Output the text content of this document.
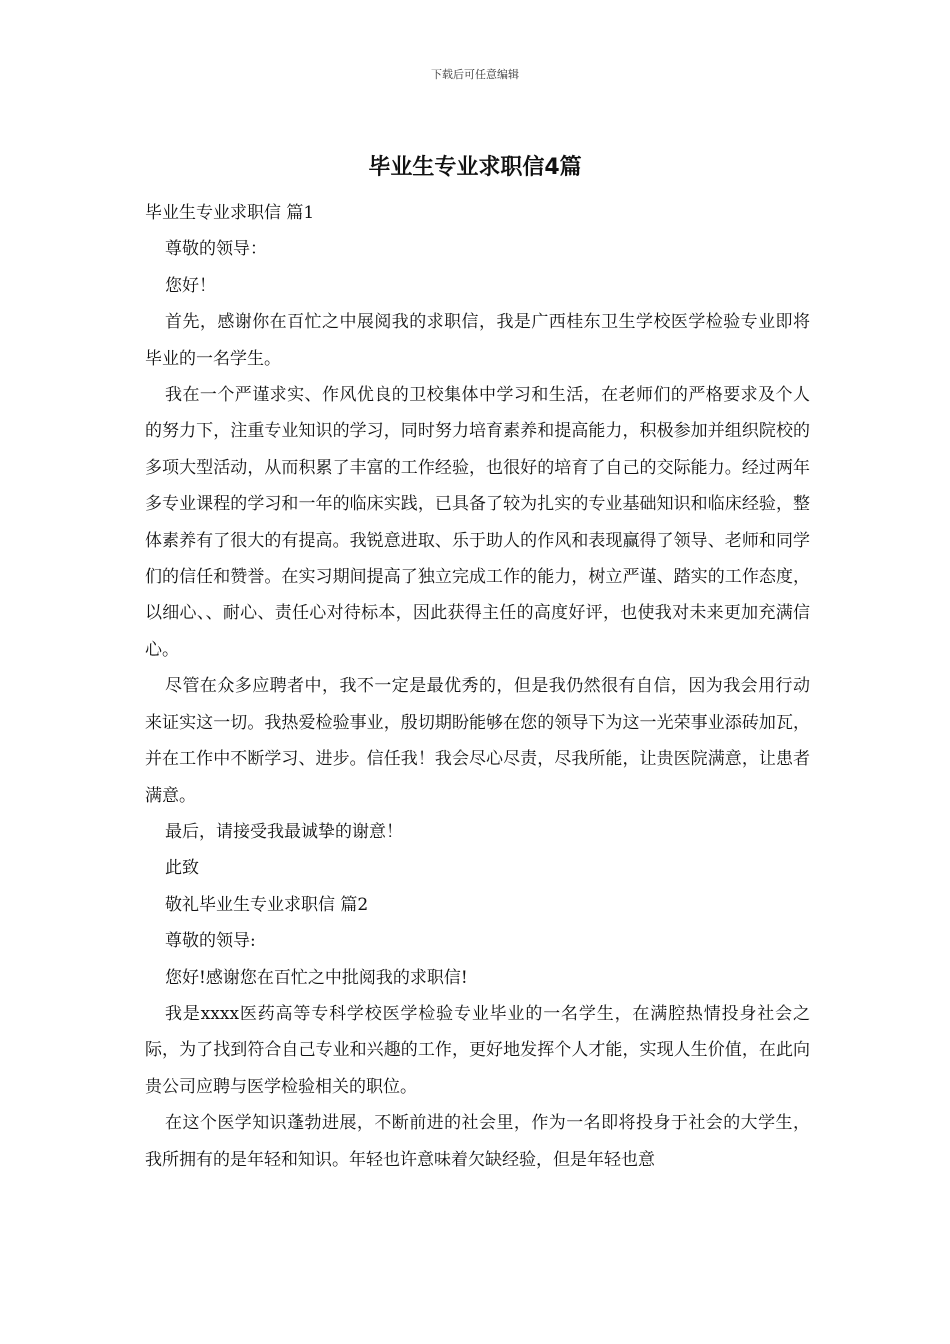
下载后可任意编辑
毕业生专业求职信4篇

毕业生专业求职信 篇1

尊敬的领导：

您好！

首先，感谢你在百忙之中展阅我的求职信，我是广西桂东卫生学校医学检验专业即将毕业的一名学生。

我在一个严谨求实、作风优良的卫校集体中学习和生活，在老师们的严格要求及个人的努力下，注重专业知识的学习，同时努力培育素养和提高能力，积极参加并组织院校的多项大型活动，从而积累了丰富的工作经验，也很好的培育了自己的交际能力。经过两年多专业课程的学习和一年的临床实践，已具备了较为扎实的专业基础知识和临床经验，整体素养有了很大的有提高。我锐意进取、乐于助人的作风和表现赢得了领导、老师和同学们的信任和赞誉。在实习期间提高了独立完成工作的能力，树立严谨、踏实的工作态度，以细心、、耐心、责任心对待标本，因此获得主任的高度好评，也使我对未来更加充满信心。

尽管在众多应聘者中，我不一定是最优秀的，但是我仍然很有自信，因为我会用行动来证实这一切。我热爱检验事业，殷切期盼能够在您的领导下为这一光荣事业添砖加瓦，并在工作中不断学习、进步。信任我！我会尽心尽责，尽我所能，让贵医院满意，让患者满意。

最后，请接受我最诚挚的谢意！

此致

敬礼毕业生专业求职信 篇2

尊敬的领导:

您好!感谢您在百忙之中批阅我的求职信!

我是xxxx医药高等专科学校医学检验专业毕业的一名学生，在满腔热情投身社会之际，为了找到符合自己专业和兴趣的工作，更好地发挥个人才能，实现人生价值，在此向贵公司应聘与医学检验相关的职位。

在这个医学知识蓬勃进展，不断前进的社会里，作为一名即将投身于社会的大学生，我所拥有的是年轻和知识。年轻也许意味着欠缺经验，但是年轻也意
